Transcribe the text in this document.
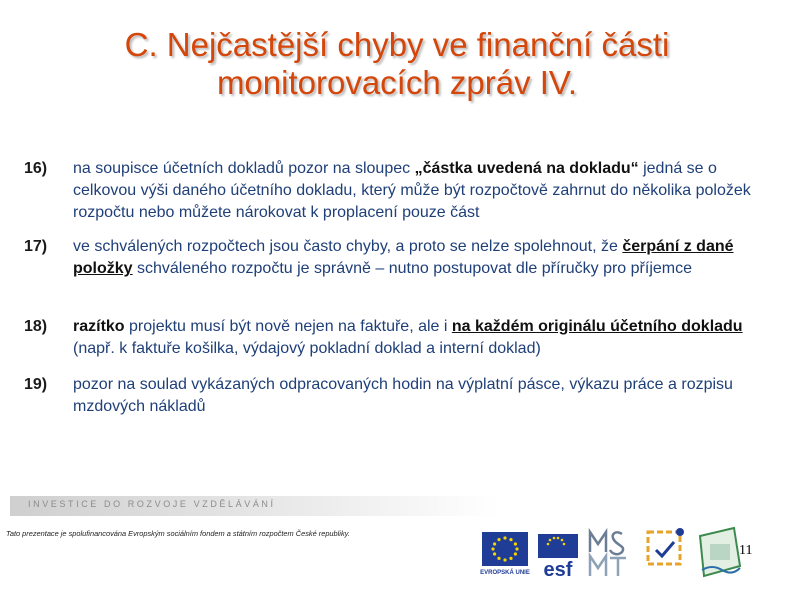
C. Nejčastější chyby ve finanční části
monitorovacích zpráv IV.
16) na soupisce účetních dokladů pozor na sloupec „částka uvedená na dokladu“ jedná se o celkovou výši daného účetního dokladu, který může být rozpočtově zahrnut do několika položek rozpočtu nebo můžete nárokovat k proplacení pouze část
17) ve schválených rozpočtech jsou často chyby, a proto se nelze spolehnout, že čerpání z dané položky schváleného rozpočtu je správně – nutno postupovat dle příručky pro příjemce
18) razítko projektu musí být nově nejen na faktuře, ale i na každém originálu účetního dokladu (např. k faktuře košilka, výdajový pokladní doklad a interní doklad)
19) pozor na soulad vykázaných odpracovaných hodin na výplatní pásce, výkazu práce a rozpisu mzdových nákladů
INVESTICE DO ROZVOJE VZDĚLÁVÁNÍ
Tato prezentace je spolufinancována Evropským sociálním fondem a státním rozpočtem České republiky.
EVROPSKÁ UNIE esf
11
